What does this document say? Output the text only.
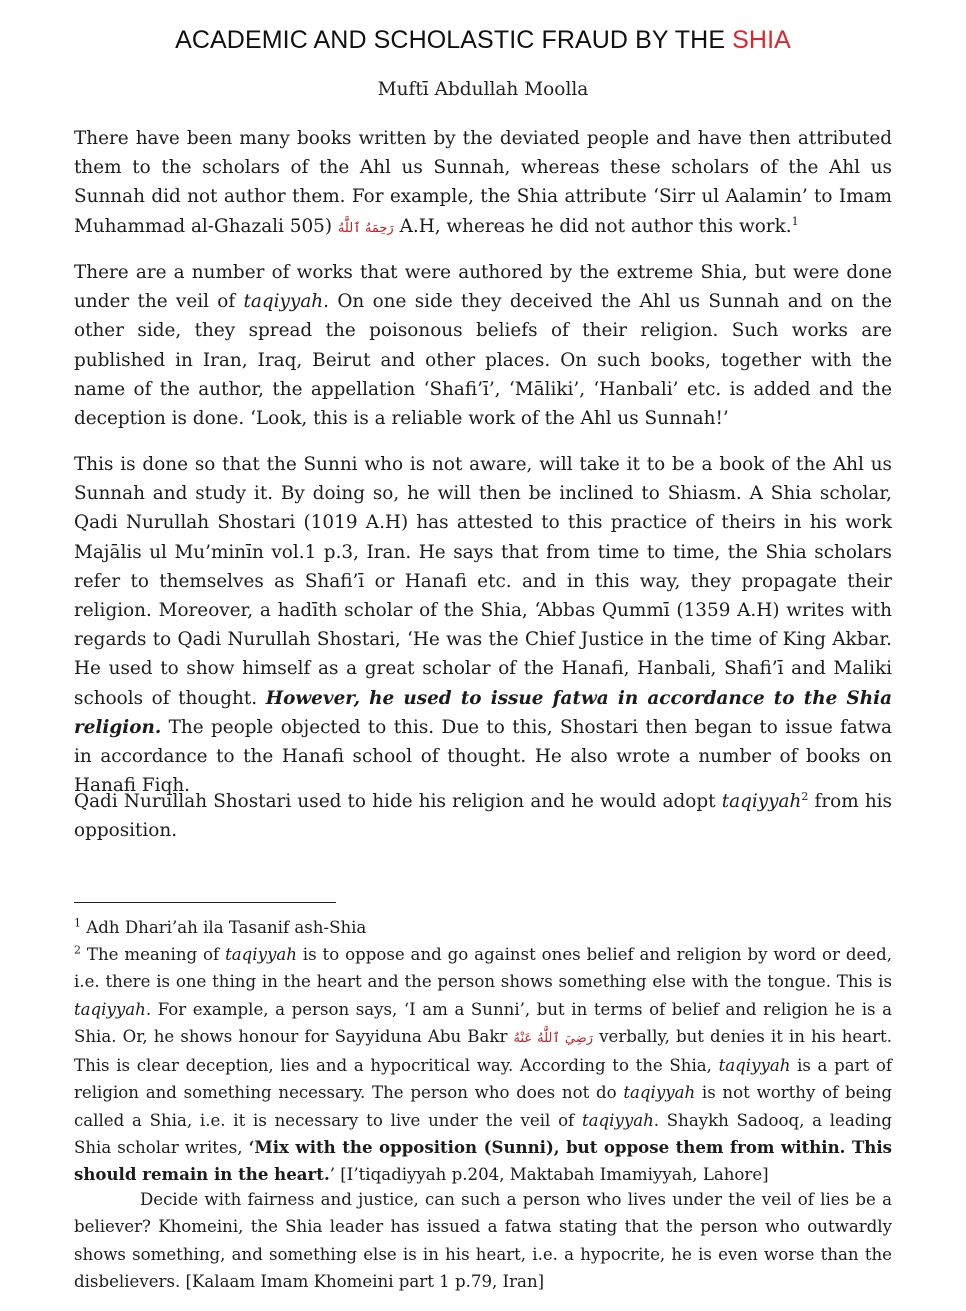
ACADEMIC AND SCHOLASTIC FRAUD BY THE SHIA
Muftī Abdullah Moolla
There have been many books written by the deviated people and have then attributed them to the scholars of the Ahl us Sunnah, whereas these scholars of the Ahl us Sunnah did not author them. For example, the Shia attribute ‘Sirr ul Aalamin’ to Imam Muhammad al-Ghazali	رَحِمَهُ ٱللَّٰهُ (505 A.H, whereas he did not author this work.$^1$
There are a number of works that were authored by the extreme Shia, but were done under the veil of taqiyyah. On one side they deceived the Ahl us Sunnah and on the other side, they spread the poisonous beliefs of their religion. Such works are published in Iran, Iraq, Beirut and other places. On such books, together with the name of the author, the appellation ‘Shafi’ī’, ‘Māliki’, ‘Hanbali’ etc. is added and the deception is done. ‘Look, this is a reliable work of the Ahl us Sunnah!’
This is done so that the Sunni who is not aware, will take it to be a book of the Ahl us Sunnah and study it. By doing so, he will then be inclined to Shiasm. A Shia scholar, Qadi Nurullah Shostari (1019 A.H) has attested to this practice of theirs in his work Majālis ul Mu’minīn vol.1 p.3, Iran. He says that from time to time, the Shia scholars refer to themselves as Shafi’ī or Hanafi etc. and in this way, they propagate their religion. Moreover, a hadīth scholar of the Shia, ‘Abbas Qummī (1359 A.H) writes with regards to Qadi Nurullah Shostari, ‘He was the Chief Justice in the time of King Akbar. He used to show himself as a great scholar of the Hanafi, Hanbali, Shafi’ī and Maliki schools of thought. However, he used to issue fatwa in accordance to the Shia religion. The people objected to this. Due to this, Shostari then began to issue fatwa in accordance to the Hanafi school of thought. He also wrote a number of books on Hanafi Fiqh.
Qadi Nurullah Shostari used to hide his religion and he would adopt taqiyyah$^2$ from his opposition.
$^1$ Adh Dhari’ah ila Tasanif ash-Shia
$^2$ The meaning of taqiyyah is to oppose and go against ones belief and religion by word or deed, i.e. there is one thing in the heart and the person shows something else with the tongue. This is taqiyyah. For example, a person says, ‘I am a Sunni’, but in terms of belief and religion he is a Shia. Or, he shows honour for Sayyiduna Abu Bakr رَضِيَ ٱللَّٰهُ عَنْهُ verbally, but denies it in his heart. This is clear deception, lies and a hypocritical way. According to the Shia, taqiyyah is a part of religion and something necessary. The person who does not do taqiyyah is not worthy of being called a Shia, i.e. it is necessary to live under the veil of taqiyyah. Shaykh Sadooq, a leading Shia scholar writes, ‘Mix with the opposition (Sunni), but oppose them from within. This should remain in the heart.’ [I’tiqadiyyah p.204, Maktabah Imamiyyah, Lahore]
Decide with fairness and justice, can such a person who lives under the veil of lies be a believer? Khomeini, the Shia leader has issued a fatwa stating that the person who outwardly shows something, and something else is in his heart, i.e. a hypocrite, he is even worse than the disbelievers. [Kalaam Imam Khomeini part 1 p.79, Iran]
